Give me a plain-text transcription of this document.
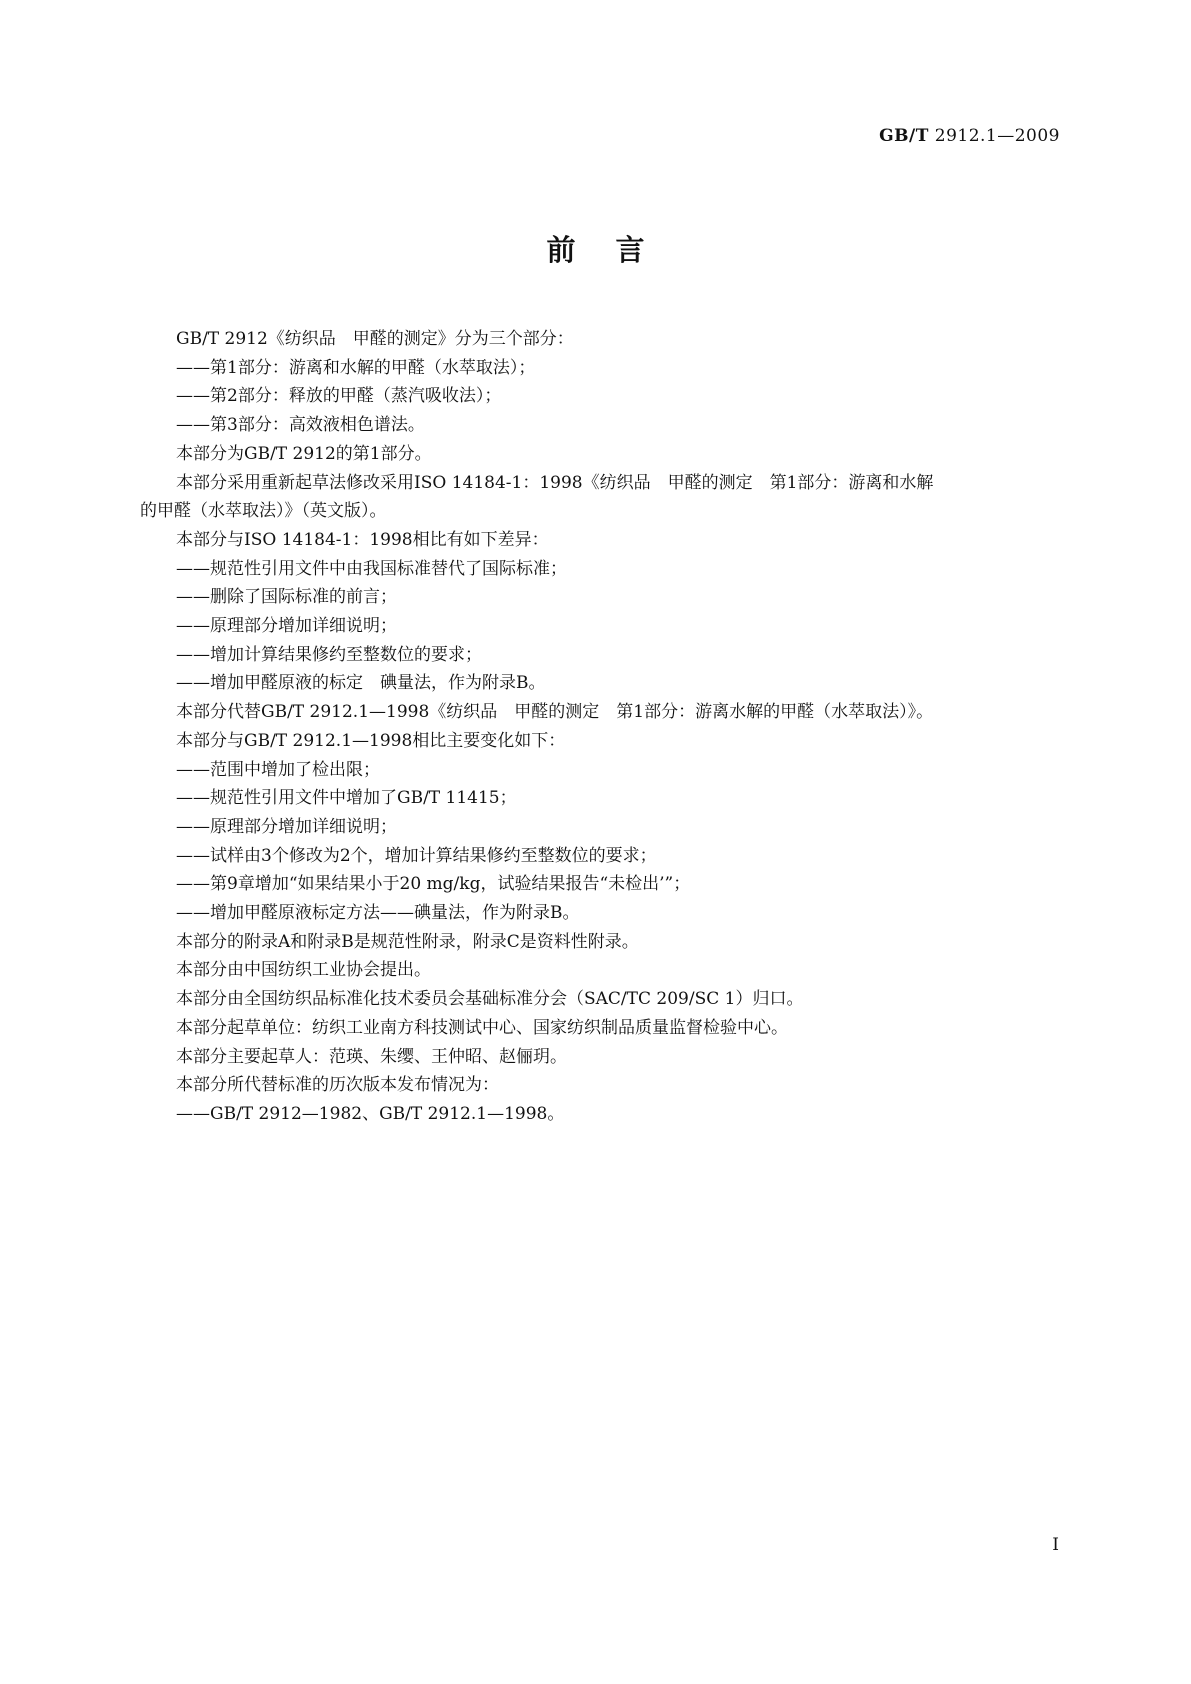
GB/T 2912.1—2009
前言

GB/T 2912《纺织品　甲醛的测定》分为三个部分：

——第1部分：游离和水解的甲醛（水萃取法）；

——第2部分：释放的甲醛（蒸汽吸收法）；

——第3部分：高效液相色谱法。

本部分为GB/T 2912的第1部分。

本部分采用重新起草法修改采用ISO 14184-1：1998《纺织品　甲醛的测定　第1部分：游离和水解

的甲醛（水萃取法）》（英文版）。

本部分与ISO 14184-1：1998相比有如下差异：

——规范性引用文件中由我国标准替代了国际标准；

——删除了国际标准的前言；

——原理部分增加详细说明；

——增加计算结果修约至整数位的要求；

——增加甲醛原液的标定　碘量法，作为附录B。

本部分代替GB/T 2912.1—1998《纺织品　甲醛的测定　第1部分：游离水解的甲醛（水萃取法）》。

本部分与GB/T 2912.1—1998相比主要变化如下：

——范围中增加了检出限；

——规范性引用文件中增加了GB/T 11415；

——原理部分增加详细说明；

——试样由3个修改为2个，增加计算结果修约至整数位的要求；

——第9章增加“如果结果小于20 mg/kg，试验结果报告“未检出’”；

——增加甲醛原液标定方法——碘量法，作为附录B。

本部分的附录A和附录B是规范性附录，附录C是资料性附录。

本部分由中国纺织工业协会提出。

本部分由全国纺织品标准化技术委员会基础标准分会（SAC/TC 209/SC 1）归口。

本部分起草单位：纺织工业南方科技测试中心、国家纺织制品质量监督检验中心。

本部分主要起草人：范瑛、朱缨、王仲昭、赵俪玥。

本部分所代替标准的历次版本发布情况为：

——GB/T 2912—1982、GB/T 2912.1—1998。

I
